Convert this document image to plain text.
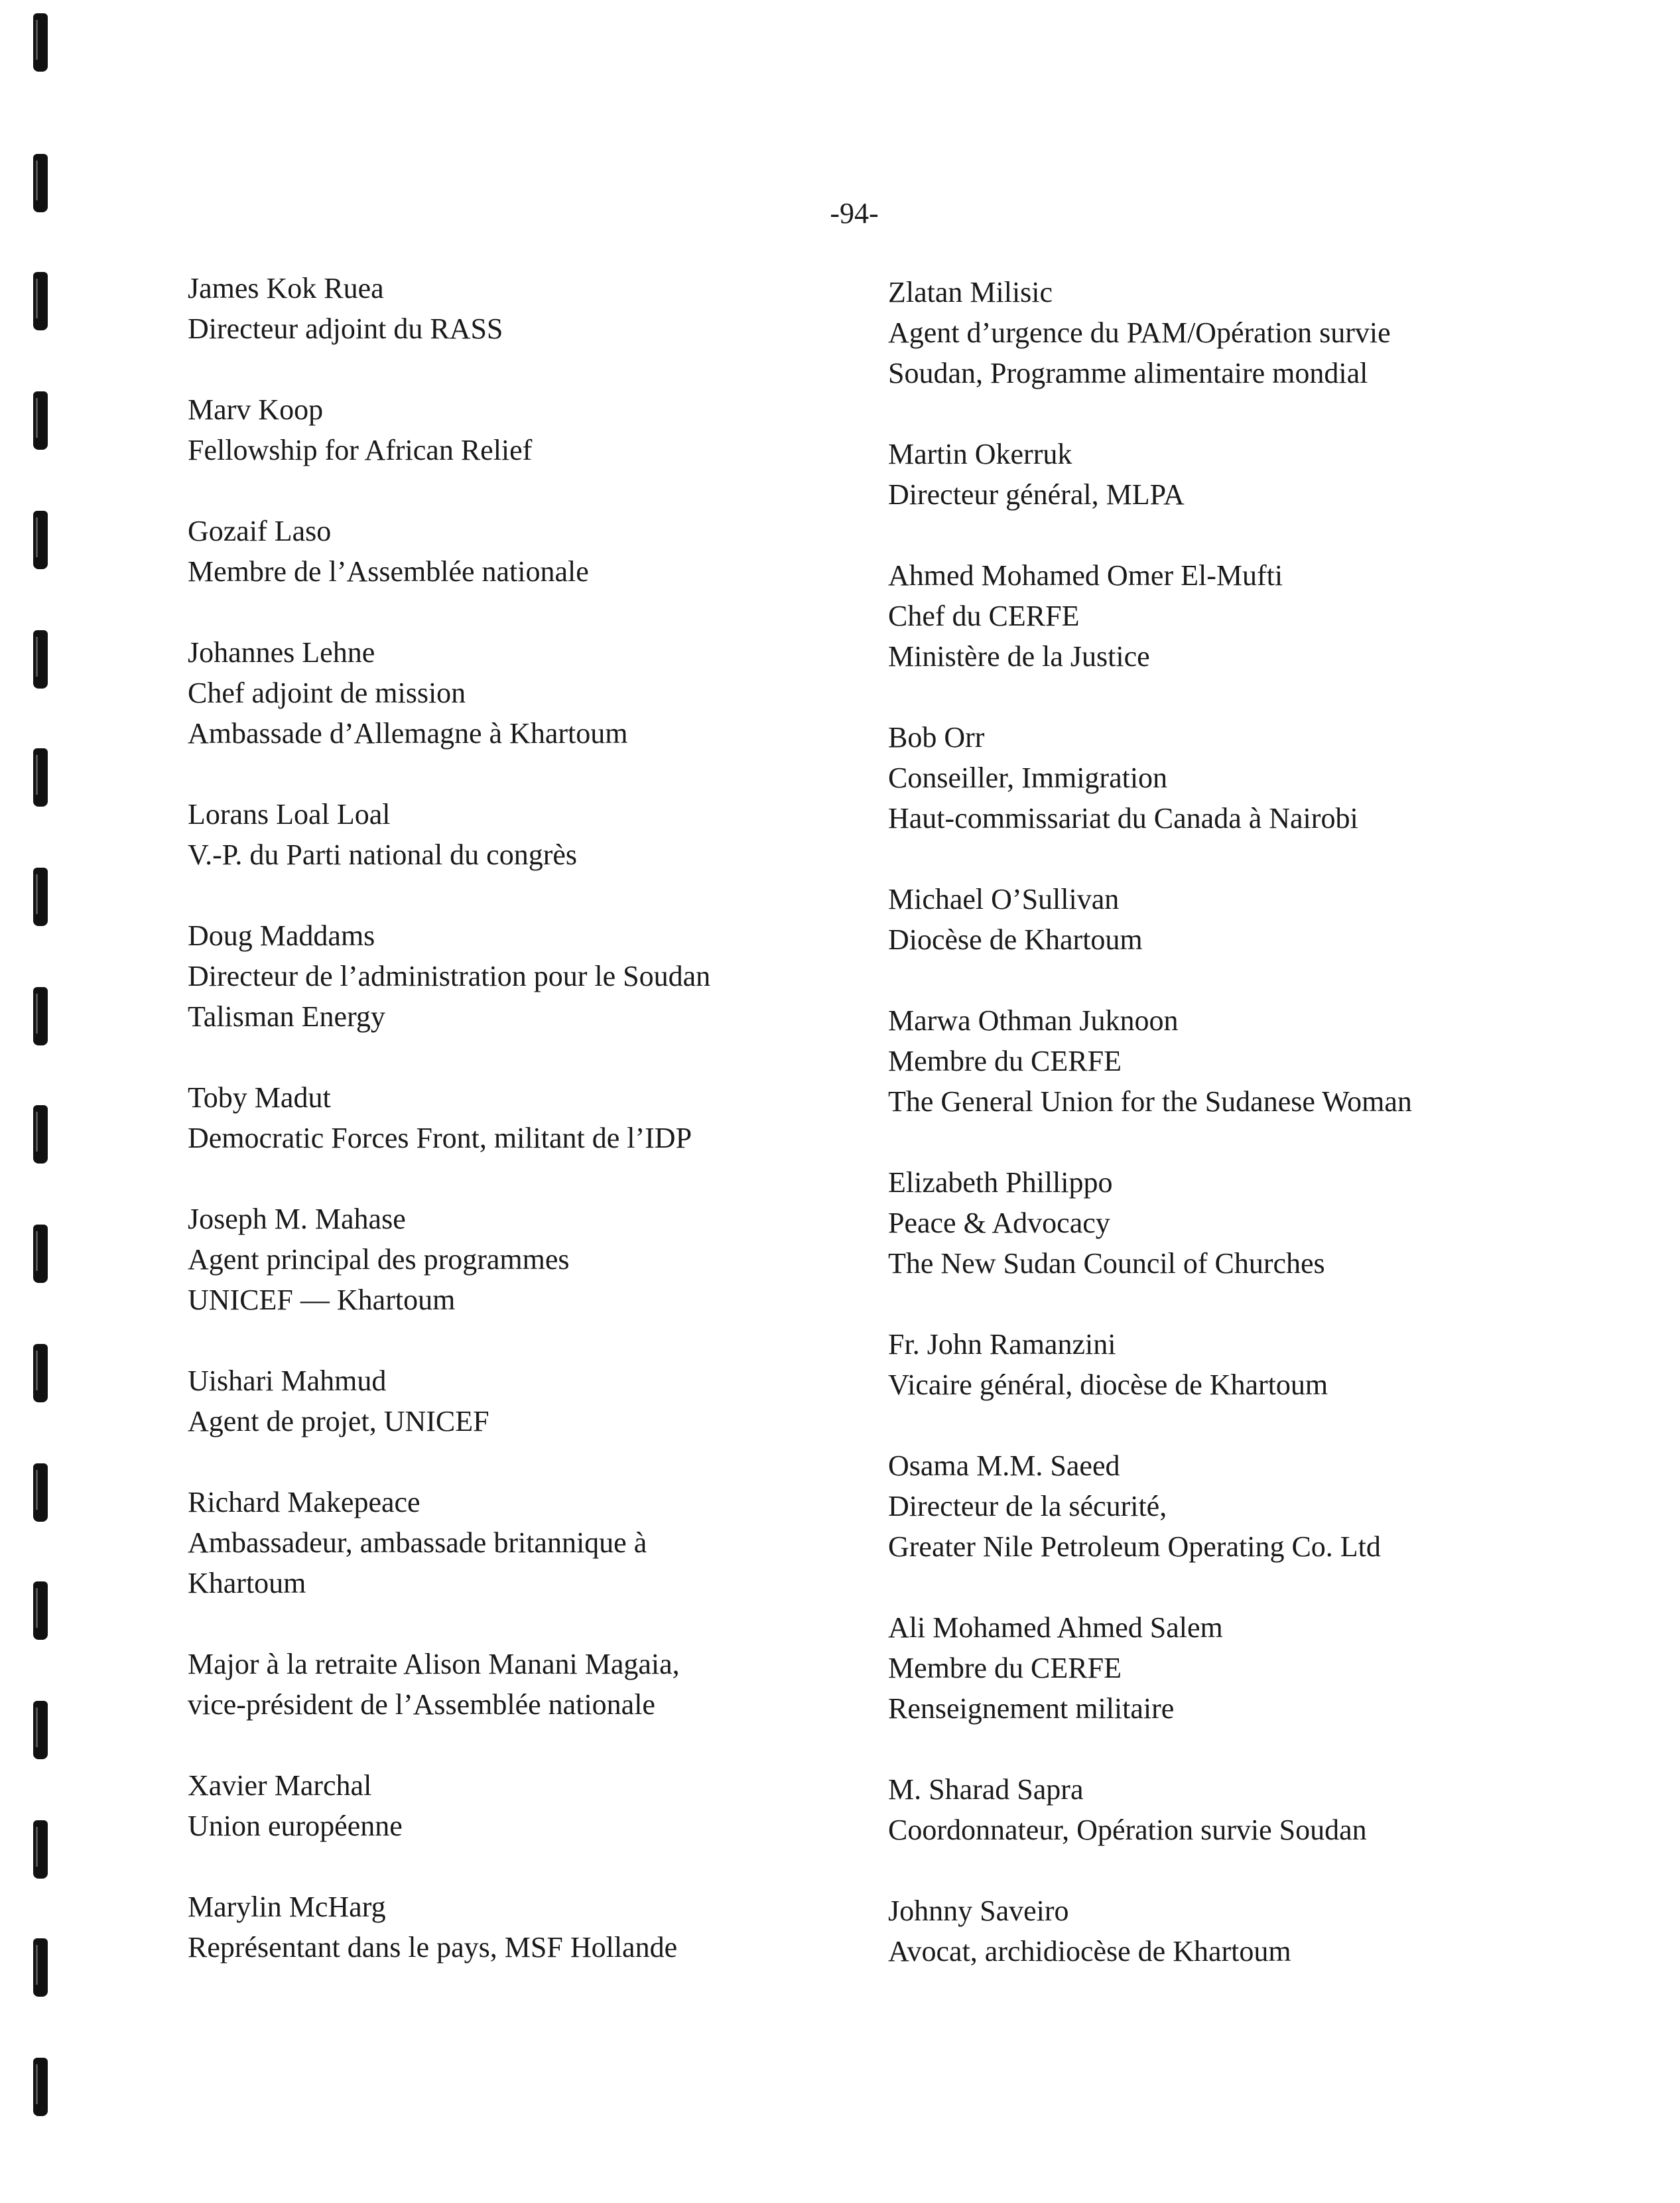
-94-
James Kok Ruea
Directeur adjoint du RASS
Marv Koop
Fellowship for African Relief
Gozaif Laso
Membre de l’Assemblée nationale
Johannes Lehne
Chef adjoint de mission
Ambassade d’Allemagne à Khartoum
Lorans Loal Loal
V.-P. du Parti national du congrès
Doug Maddams
Directeur de l’administration pour le Soudan
Talisman Energy
Toby Madut
Democratic Forces Front, militant de l’IDP
Joseph M. Mahase
Agent principal des programmes
UNICEF — Khartoum
Uishari Mahmud
Agent de projet, UNICEF
Richard Makepeace
Ambassadeur, ambassade britannique à
Khartoum
Major à la retraite Alison Manani Magaia,
vice-président de l’Assemblée nationale
Xavier Marchal
Union européenne
Marylin McHarg
Représentant dans le pays, MSF Hollande
Zlatan Milisic
Agent d’urgence du PAM/Opération survie
Soudan, Programme alimentaire mondial
Martin Okerruk
Directeur général, MLPA
Ahmed Mohamed Omer El-Mufti
Chef du CERFE
Ministère de la Justice
Bob Orr
Conseiller, Immigration
Haut-commissariat du Canada à Nairobi
Michael O’Sullivan
Diocèse de Khartoum
Marwa Othman Juknoon
Membre du CERFE
The General Union for the Sudanese Woman
Elizabeth Phillippo
Peace & Advocacy
The New Sudan Council of Churches
Fr. John Ramanzini
Vicaire général, diocèse de Khartoum
Osama M.M. Saeed
Directeur de la sécurité,
Greater Nile Petroleum Operating Co. Ltd
Ali Mohamed Ahmed Salem
Membre du CERFE
Renseignement militaire
M. Sharad Sapra
Coordonnateur, Opération survie Soudan
Johnny Saveiro
Avocat, archidiocèse de Khartoum
